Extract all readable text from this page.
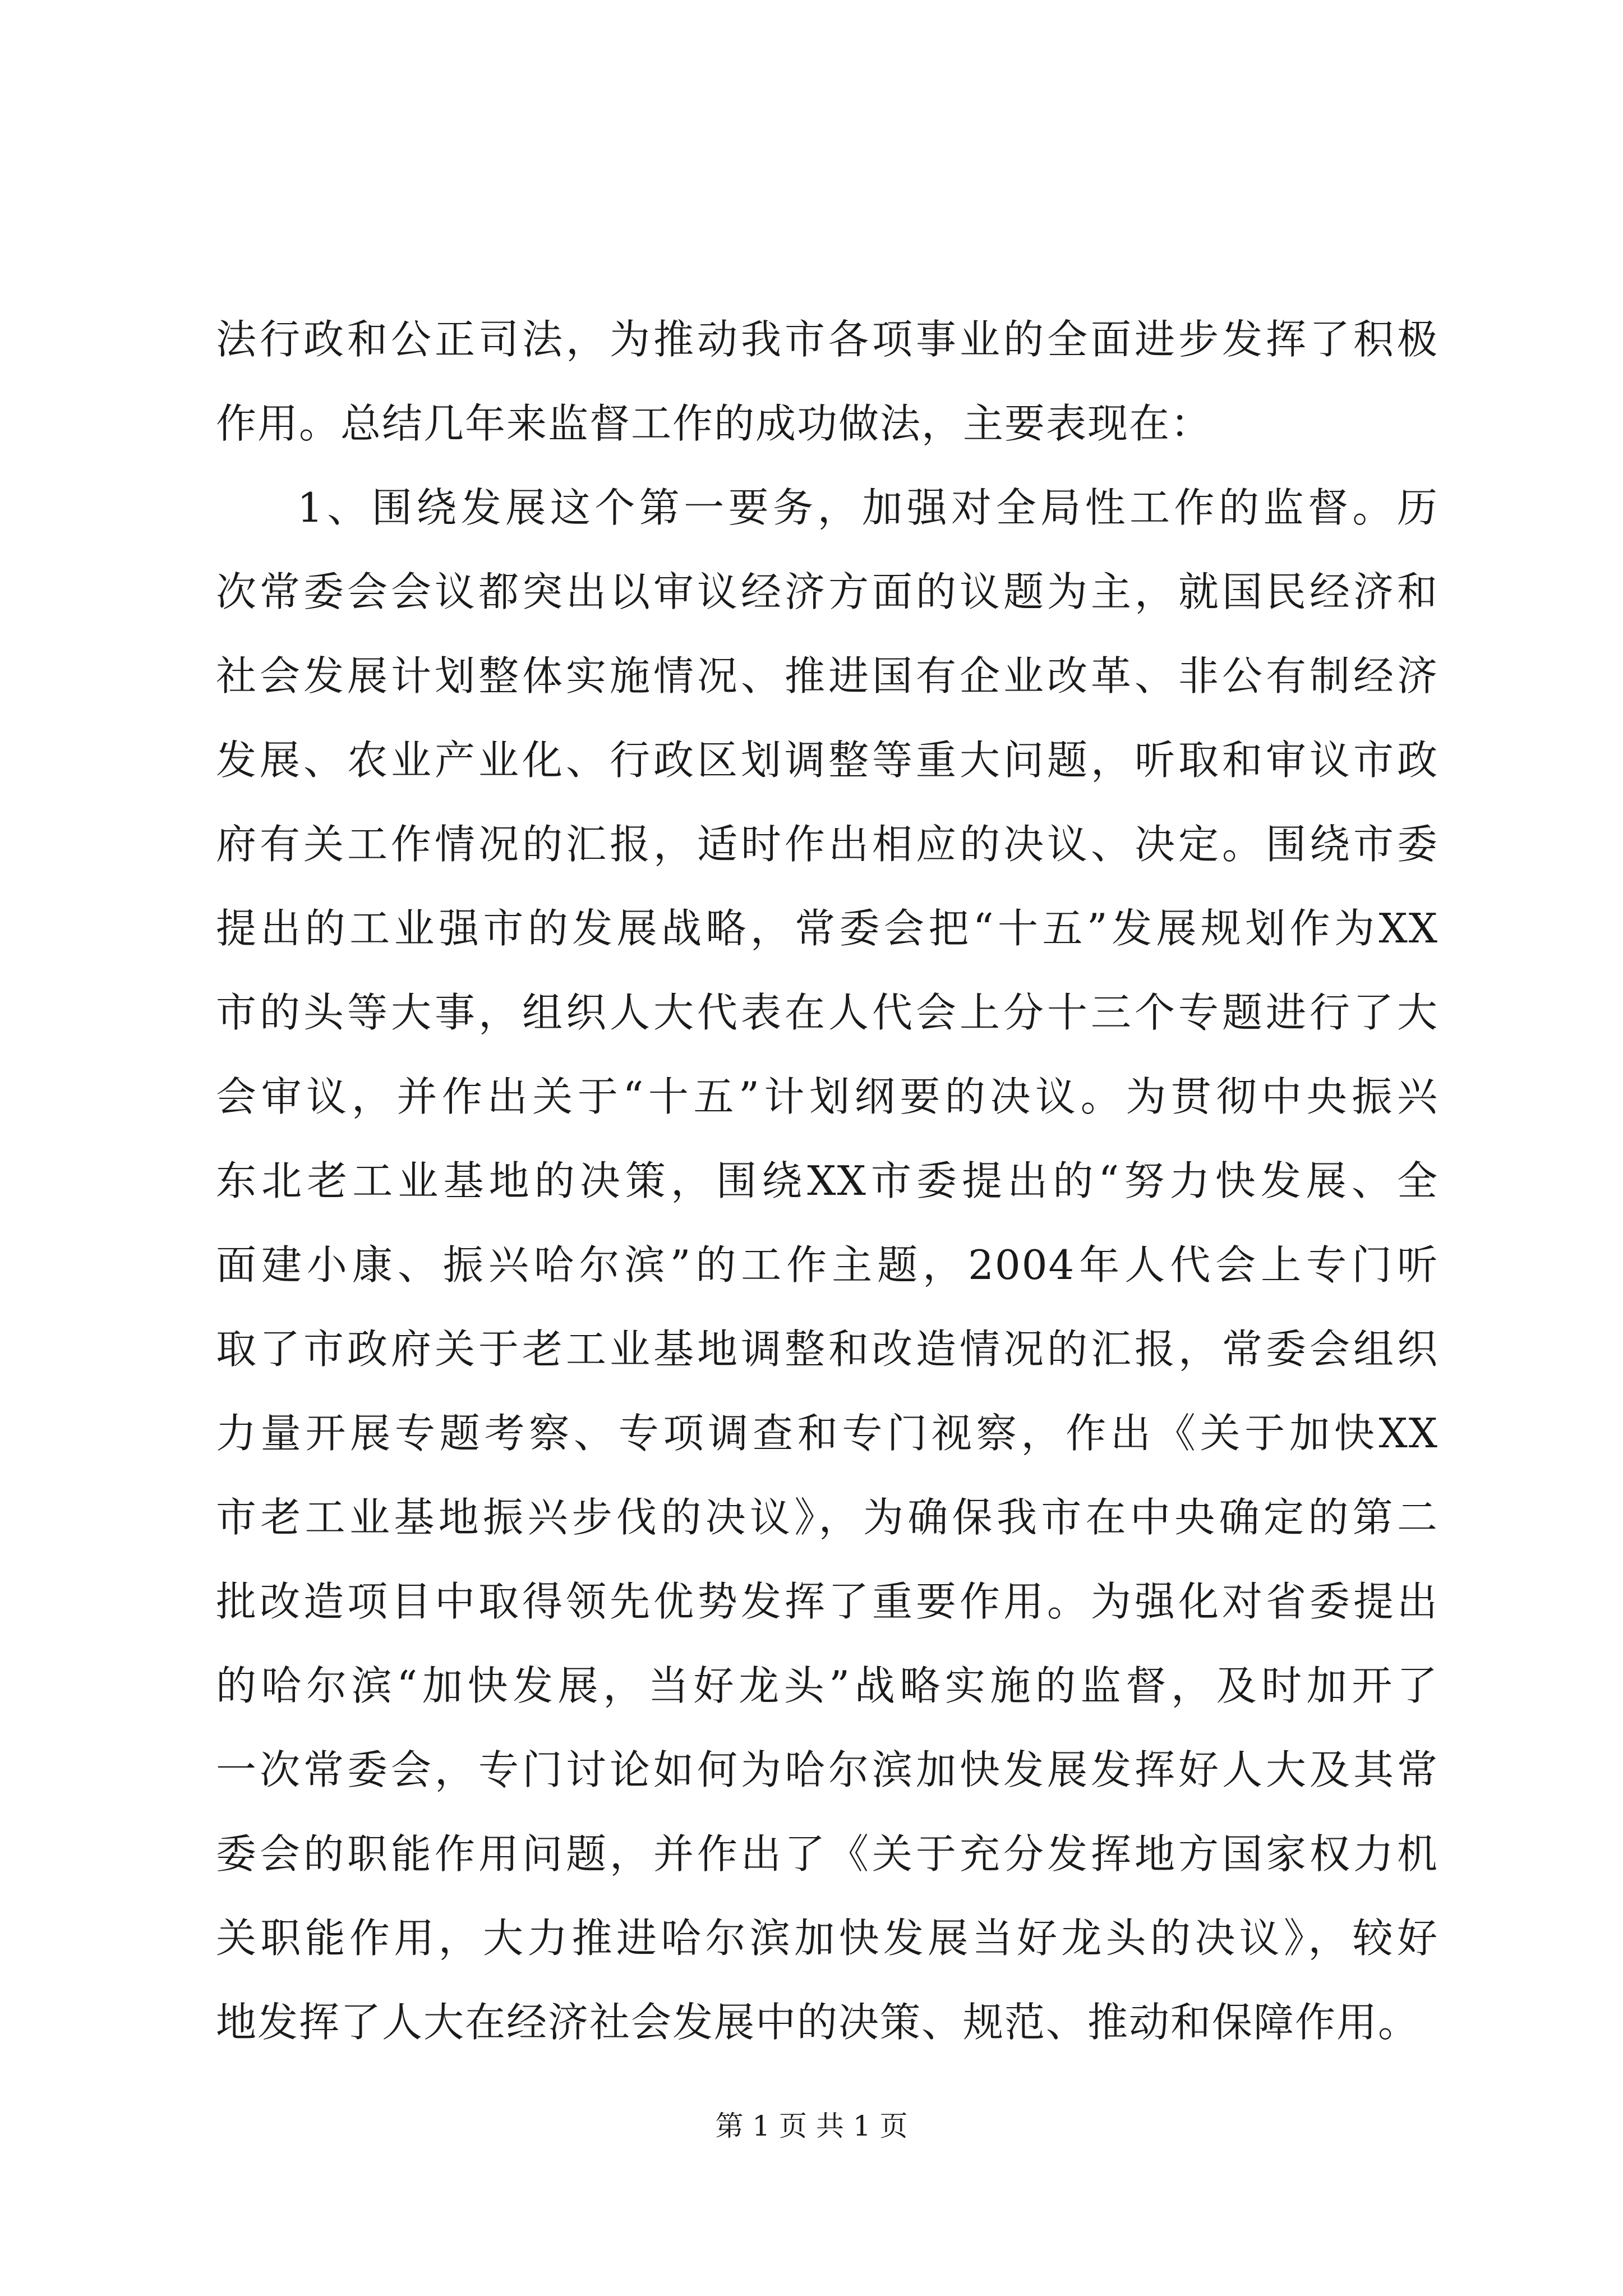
法行政和公正司法，为推动我市各项事业的全面进步发挥了积极
作用。总结几年来监督工作的成功做法，主要表现在：
1、围绕发展这个第一要务，加强对全局性工作的监督。历
次常委会会议都突出以审议经济方面的议题为主，就国民经济和
社会发展计划整体实施情况、推进国有企业改革、非公有制经济
发展、农业产业化、行政区划调整等重大问题，听取和审议市政
府有关工作情况的汇报，适时作出相应的决议、决定。围绕市委
提出的工业强市的发展战略，常委会把“十五”发展规划作为XX
市的头等大事，组织人大代表在人代会上分十三个专题进行了大
会审议，并作出关于“十五”计划纲要的决议。为贯彻中央振兴
东北老工业基地的决策，围绕XX市委提出的“努力快发展、全
面建小康、振兴哈尔滨”的工作主题，2004年人代会上专门听
取了市政府关于老工业基地调整和改造情况的汇报，常委会组织
力量开展专题考察、专项调查和专门视察，作出《关于加快XX
市老工业基地振兴步伐的决议》，为确保我市在中央确定的第二
批改造项目中取得领先优势发挥了重要作用。为强化对省委提出
的哈尔滨“加快发展，当好龙头”战略实施的监督，及时加开了
一次常委会，专门讨论如何为哈尔滨加快发展发挥好人大及其常
委会的职能作用问题，并作出了《关于充分发挥地方国家权力机
关职能作用，大力推进哈尔滨加快发展当好龙头的决议》，较好
地发挥了人大在经济社会发展中的决策、规范、推动和保障作用。
第 1 页 共 1 页
